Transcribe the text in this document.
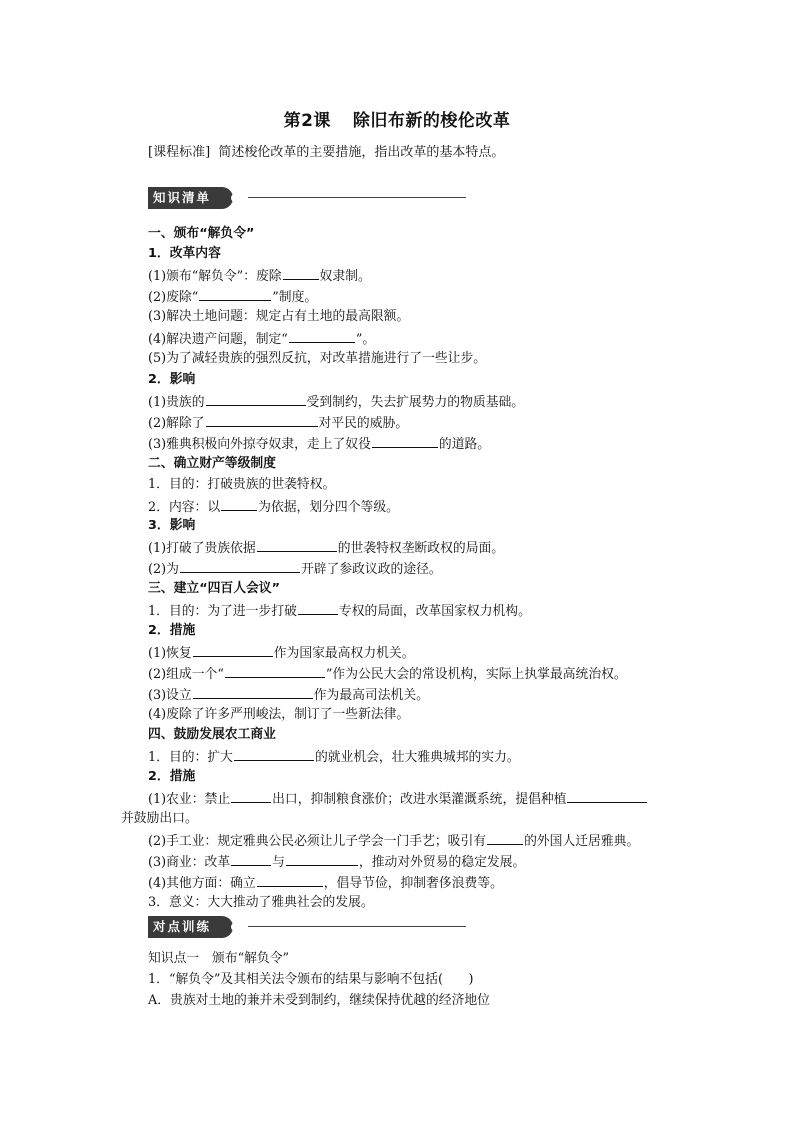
第2课 除旧布新的梭伦改革
[课程标准] 简述梭伦改革的主要措施，指出改革的基本特点。
知识清单
一、颁布“解负令”
1．改革内容
(1)颁布“解负令”：废除	奴隶制。
(2)废除“	”制度。
(3)解决土地问题：规定占有土地的最高限额。
(4)解决遗产问题，制定“	”。
(5)为了减轻贵族的强烈反抗，对改革措施进行了一些让步。
2．影响
(1)贵族的	受到制约，失去扩展势力的物质基础。
(2)解除了	对平民的威胁。
(3)雅典积极向外掠夺奴隶，走上了奴役	的道路。
二、确立财产等级制度
1．目的：打破贵族的世袭特权。
2．内容：以	为依据，划分四个等级。
3．影响
(1)打破了贵族依据	的世袭特权垄断政权的局面。
(2)为	开辟了参政议政的途径。
三、建立“四百人会议”
1．目的：为了进一步打破	专权的局面，改革国家权力机构。
2．措施
(1)恢复	作为国家最高权力机关。
(2)组成一个“	”作为公民大会的常设机构，实际上执掌最高统治权。
(3)设立	作为最高司法机关。
(4)废除了许多严刑峻法，制订了一些新法律。
四、鼓励发展农工商业
1．目的：扩大	的就业机会，壮大雅典城邦的实力。
2．措施
(1)农业：禁止	出口，抑制粮食涨价；改进水渠灌溉系统，提倡种植
并鼓励出口。
(2)手工业：规定雅典公民必须让儿子学会一门手艺；吸引有	的外国人迁居雅典。
(3)商业：改革	与	，推动对外贸易的稳定发展。
(4)其他方面：确立	，倡导节俭，抑制奢侈浪费等。
3．意义：大大推动了雅典社会的发展。
对点训练
知识点一　颁布“解负令”
1．“解负令”及其相关法令颁布的结果与影响不包括(　　)
A．贵族对土地的兼并未受到制约，继续保持优越的经济地位
